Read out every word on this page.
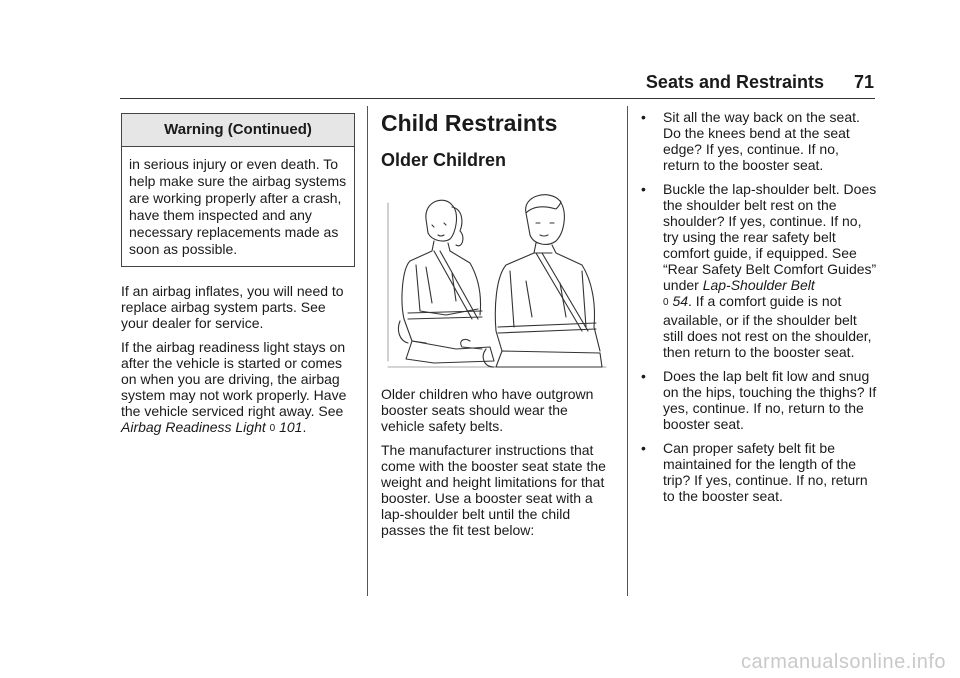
Seats and Restraints 71
Warning (Continued)
in serious injury or even death. To help make sure the airbag systems are working properly after a crash, have them inspected and any necessary replacements made as soon as possible.

If an airbag inflates, you will need to replace airbag system parts. See your dealer for service.

If the airbag readiness light stays on after the vehicle is started or comes on when you are driving, the airbag system may not work properly. Have the vehicle serviced right away. See Airbag Readiness Light 0 101.

Child Restraints
Older Children

Older children who have outgrown booster seats should wear the vehicle safety belts.

The manufacturer instructions that come with the booster seat state the weight and height limitations for that booster. Use a booster seat with a lap-shoulder belt until the child passes the fit test below:

• Sit all the way back on the seat. Do the knees bend at the seat edge? If yes, continue. If no, return to the booster seat.
• Buckle the lap-shoulder belt. Does the shoulder belt rest on the shoulder? If yes, continue. If no, try using the rear safety belt comfort guide, if equipped. See “Rear Safety Belt Comfort Guides” under Lap-Shoulder Belt
0 54. If a comfort guide is not available, or if the shoulder belt still does not rest on the shoulder, then return to the booster seat.
• Does the lap belt fit low and snug on the hips, touching the thighs? If yes, continue. If no, return to the booster seat.
• Can proper safety belt fit be maintained for the length of the trip? If yes, continue. If no, return to the booster seat.
carmanualsonline.info
